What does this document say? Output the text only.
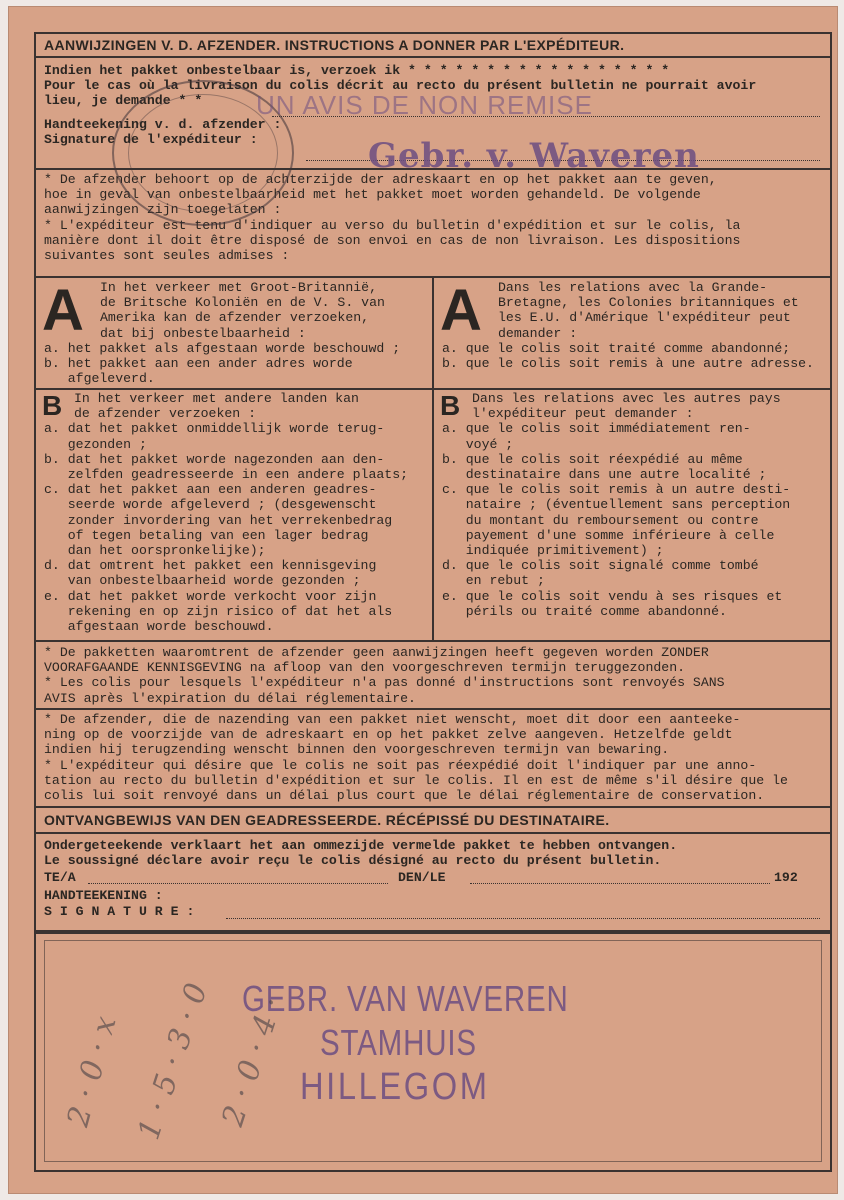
AANWIJZINGEN V. D. AFZENDER. INSTRUCTIONS A DONNER PAR L'EXPÉDITEUR.
Indien het pakket onbestelbaar is, verzoek ik * * * * * * * * * * * * * * * * *
Pour le cas où la livraison du colis décrit au recto du présent bulletin ne pourrait avoir
lieu, je demande * *
Handteekening v. d. afzender :
Signature de l'expéditeur :
* De afzender behoort op de achterzijde der adreskaart en op het pakket aan te geven,
hoe in geval van onbestelbaarheid met het pakket moet worden gehandeld. De volgende
aanwijzingen zijn toegelaten :
* L'expéditeur est tenu d'indiquer au verso du bulletin d'expédition et sur le colis, la
manière dont il doit être disposé de son envoi en cas de non livraison. Les dispositions
suivantes sont seules admises :
A	In het verkeer met Groot-Britannië,
de Britsche Koloniën en de V. S. van
Amerika kan de afzender verzoeken,
dat bij onbestelbaarheid :
a. het pakket als afgestaan worde beschouwd ;
b. het pakket aan een ander adres worde
afgeleverd.
A	Dans les relations avec la Grande-
Bretagne, les Colonies britanniques et
les E.U. d'Amérique l'expéditeur peut
demander :
a. que le colis soit traité comme abandonné;
b. que le colis soit remis à une autre adresse.
B In het verkeer met andere landen kan
de afzender verzoeken :
a. dat het pakket onmiddellijk worde terug-
gezonden ;
b. dat het pakket worde nagezonden aan den-
zelfden geadresseerde in een andere plaats;
c. dat het pakket aan een anderen geadres-
seerde worde afgeleverd ; (desgewenscht
zonder invordering van het verrekenbedrag
of tegen betaling van een lager bedrag
dan het oorspronkelijke);
d. dat omtrent het pakket een kennisgeving
van onbestelbaarheid worde gezonden ;
e. dat het pakket worde verkocht voor zijn
rekening en op zijn risico of dat het als
afgestaan worde beschouwd.
B Dans les relations avec les autres pays
l'expéditeur peut demander :
a. que le colis soit immédiatement ren-
voyé ;
b. que le colis soit réexpédié au même
destinataire dans une autre localité ;
c. que le colis soit remis à un autre desti-
nataire ; (éventuellement sans perception
du montant du remboursement ou contre
payement d'une somme inférieure à celle
indiquée primitivement) ;
d. que le colis soit signalé comme tombé
en rebut ;
e. que le colis soit vendu à ses risques et
périls ou traité comme abandonné.
* De pakketten waaromtrent de afzender geen aanwijzingen heeft gegeven worden ZONDER
VOORAFGAANDE KENNISGEVING na afloop van den voorgeschreven termijn teruggezonden.
* Les colis pour lesquels l'expéditeur n'a pas donné d'instructions sont renvoyés SANS
AVIS après l'expiration du délai réglementaire.
* De afzender, die de nazending van een pakket niet wenscht, moet dit door een aanteeke-
ning op de voorzijde van de adreskaart en op het pakket zelve aangeven. Hetzelfde geldt
indien hij terugzending wenscht binnen den voorgeschreven termijn van bewaring.
* L'expéditeur qui désire que le colis ne soit pas réexpédié doit l'indiquer par une anno-
tation au recto du bulletin d'expédition et sur le colis. Il en est de même s'il désire que le
colis lui soit renvoyé dans un délai plus court que le délai réglementaire de conservation.
ONTVANGBEWIJS VAN DEN GEADRESSEERDE. RÉCÉPISSÉ DU DESTINATAIRE.
Ondergeteekende verklaart het aan ommezijde vermelde pakket te hebben ontvangen.
Le soussigné déclare avoir reçu le colis désigné au recto du présent bulletin.
TE/A	DEN/LE	192
HANDTEEKENING :
S I G N A T U R E :
UN AVIS DE NON REMISE
Gebr. v. Waveren
GEBR. VAN WAVEREN
STAMHUIS
HILLEGOM
2 · 0 · x 1 · 5 · 3 · 0 2 · 0 · 4 ·
